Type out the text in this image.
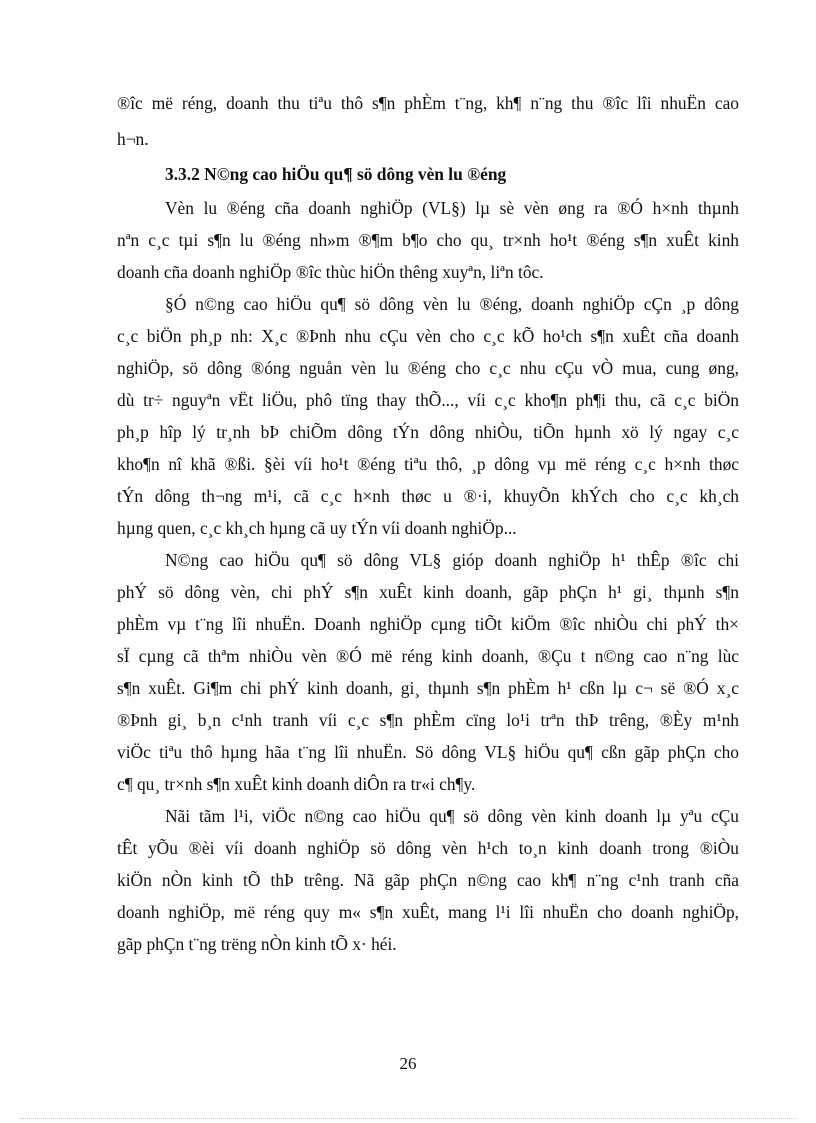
®îc më réng, doanh thu tiªu thô s¶n phÈm t¨ng, kh¶ n¨ng thu ®îc lîi nhuËn cao
h¬n.
3.3.2 N©ng cao hiÖu qu¶ sö dông vèn lu ®éng
Vèn lu ®éng cña doanh nghiÖp (VL§) lµ sè vèn øng ra ®Ó h×nh thµnh
nªn c¸c tµi s¶n lu ®éng nh»m ®¶m b¶o cho qu¸ tr×nh ho¹t ®éng s¶n xuÊt kinh
doanh cña doanh nghiÖp ®îc thùc hiÖn thêng xuyªn, liªn tôc.
§Ó n©ng cao hiÖu qu¶ sö dông vèn lu ®éng, doanh nghiÖp cÇn ¸p dông
c¸c biÖn ph¸p nh: X¸c ®Þnh nhu cÇu vèn cho c¸c kÕ ho¹ch s¶n xuÊt cña doanh
nghiÖp, sö dông ®óng nguån vèn lu ®éng cho c¸c nhu cÇu vÒ mua, cung øng,
dù tr÷ nguyªn vËt liÖu, phô tïng thay thÕ..., víi c¸c kho¶n ph¶i thu, cã c¸c biÖn
ph¸p hîp lý tr¸nh bÞ chiÕm dông tÝn dông nhiÒu, tiÕn hµnh xö lý ngay c¸c
kho¶n nî khã ®ßi. §èi víi ho¹t ®éng tiªu thô, ¸p dông vµ më réng c¸c h×nh thøc
tÝn dông th¬ng m¹i, cã c¸c h×nh thøc u ®·i, khuyÕn khÝch cho c¸c kh¸ch
hµng quen, c¸c kh¸ch hµng cã uy tÝn víi doanh nghiÖp...
N©ng cao hiÖu qu¶ sö dông VL§ gióp doanh nghiÖp h¹ thÊp ®îc chi
phÝ sö dông vèn, chi phÝ s¶n xuÊt kinh doanh, gãp phÇn h¹ gi¸ thµnh s¶n
phÈm vµ t¨ng lîi nhuËn. Doanh nghiÖp cµng tiÕt kiÖm ®îc nhiÒu chi phÝ th×
sÏ cµng cã thªm nhiÒu vèn ®Ó më réng kinh doanh, ®Çu t n©ng cao n¨ng lùc
s¶n xuÊt. Gi¶m chi phÝ kinh doanh, gi¸ thµnh s¶n phÈm h¹ cßn lµ c¬ së ®Ó x¸c
®Þnh gi¸ b¸n c¹nh tranh víi c¸c s¶n phÈm cïng lo¹i trªn thÞ trêng, ®Èy m¹nh
viÖc tiªu thô hµng hãa t¨ng lîi nhuËn. Sö dông VL§ hiÖu qu¶ cßn gãp phÇn cho
c¶ qu¸ tr×nh s¶n xuÊt kinh doanh diÔn ra tr«i ch¶y.
Nãi tãm l¹i, viÖc n©ng cao hiÖu qu¶ sö dông vèn kinh doanh lµ yªu cÇu
tÊt yÕu ®èi víi doanh nghiÖp sö dông vèn h¹ch to¸n kinh doanh trong ®iÒu
kiÖn nÒn kinh tÕ thÞ trêng. Nã gãp phÇn n©ng cao kh¶ n¨ng c¹nh tranh cña
doanh nghiÖp, më réng quy m« s¶n xuÊt, mang l¹i lîi nhuËn cho doanh nghiÖp,
gãp phÇn t¨ng trëng nÒn kinh tÕ x· héi.
26
